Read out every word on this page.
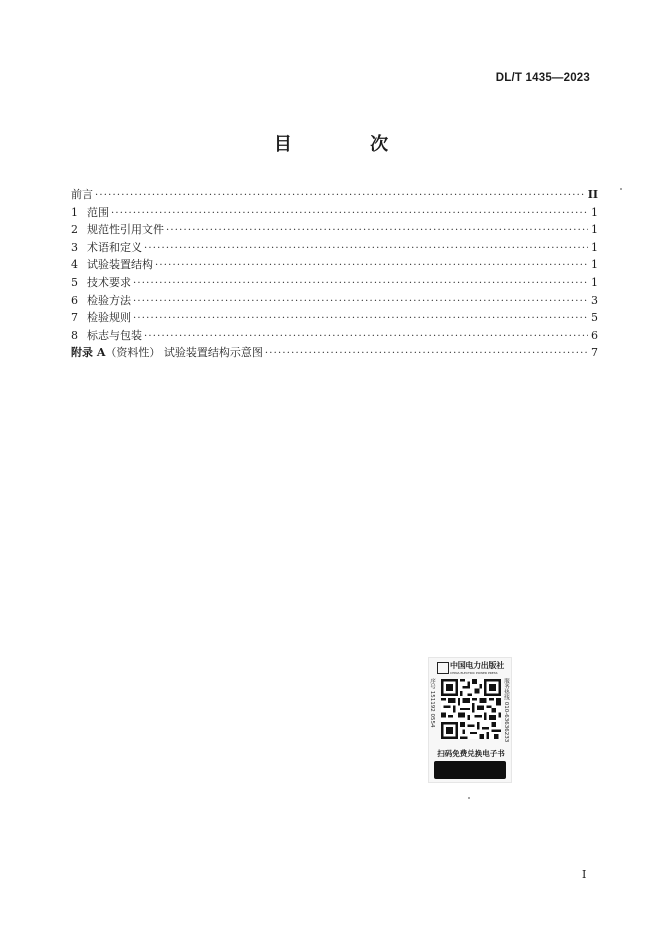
DL/T 1435—2023
目 次
前言 ·····	II
1 范围 ·····	1
2 规范性引用文件 ·····	1
3 术语和定义 ·····	1
4 试验装置结构 ·····	1
5 技术要求 ·····	1
6 检验方法 ·····	3
7 检验规则 ·····	5
8 标志与包装 ·····	6
附录 A（资料性） 试验装置结构示意图 ·····	7
中国电力出版社
CHINA ELECTRIC POWER PRESS
序号 151192 0554	服务热线 010-63636233
扫码免费兑换电子书
I
